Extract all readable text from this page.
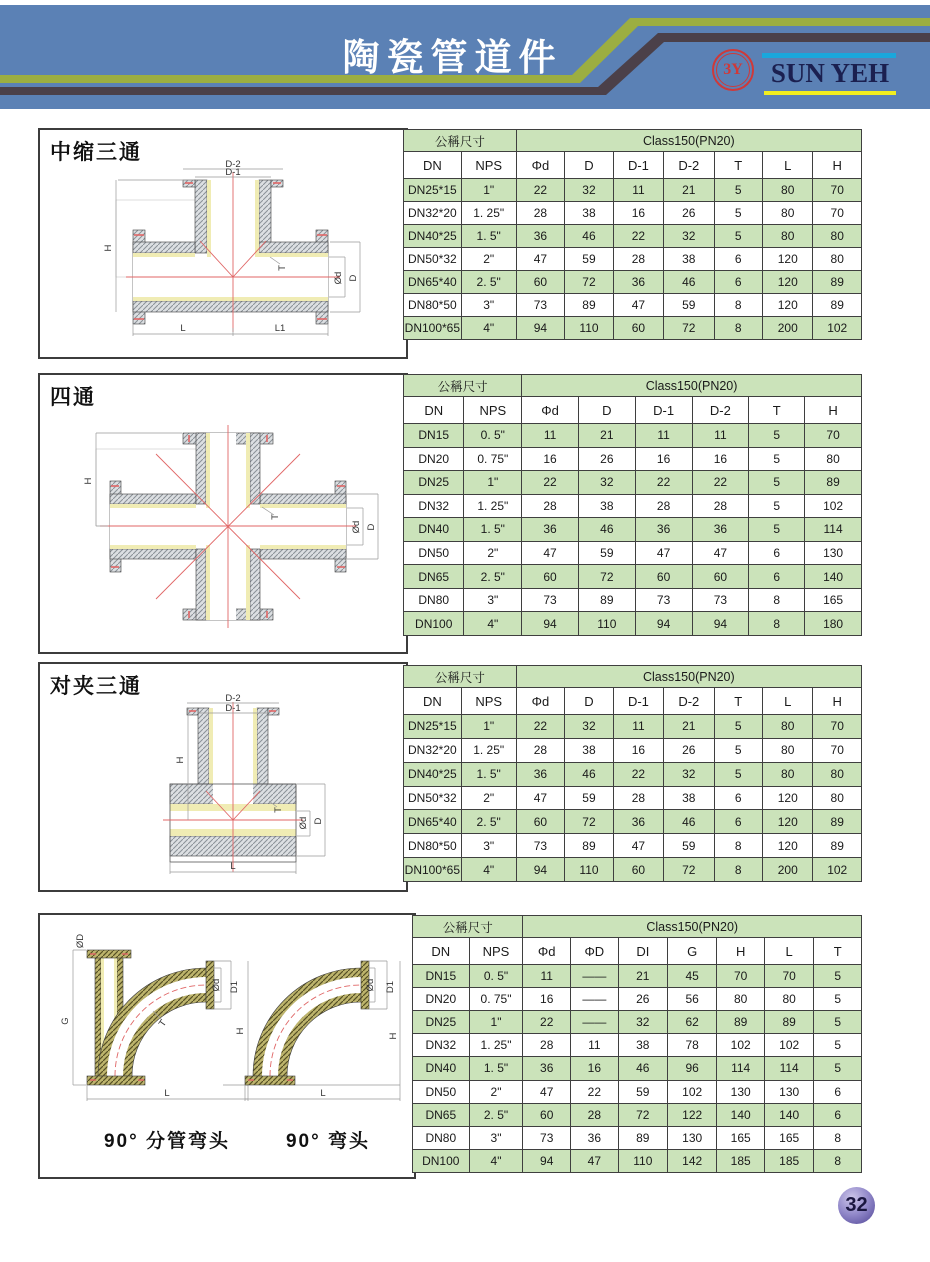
陶瓷管道件	3Y	SUN YEH
中缩三通
D-2
D-1
H
T
Ød D
L	L1
公稱尺寸		Class150(PN20)						
DN	NPS	Φd	D	D-1	D-2	T	L	H
DN25*15	1"	22	32	11	21	5	80	70
DN32*20	1. 25"	28	38	16	26	5	80	70
DN40*25	1. 5"	36	46	22	32	5	80	80
DN50*32	2"	47	59	28	38	6	120	80
DN65*40	2. 5"	60	72	36	46	6	120	89
DN80*50	3"	73	89	47	59	8	120	89
DN100*65	4"	94	110	60	72	8	200	102
四通
H
T
Ød D
公稱尺寸		Class150(PN20)					
DN	NPS	Φd	D	D-1	D-2	T	H
DN15	0. 5"	11	21	11	11	5	70
DN20	0. 75"	16	26	16	16	5	80
DN25	1"	22	32	22	22	5	89
DN32	1. 25"	28	38	28	28	5	102
DN40	1. 5"	36	46	36	36	5	114
DN50	2"	47	59	47	47	6	130
DN65	2. 5"	60	72	60	60	6	140
DN80	3"	73	89	73	73	8	165
DN100	4"	94	110	94	94	8	180
对夹三通
D-2
D-1
H
T
Ød D
L
公稱尺寸		Class150(PN20)						
DN	NPS	Φd	D	D-1	D-2	T	L	H
DN25*15	1"	22	32	11	21	5	80	70
DN32*20	1. 25"	28	38	16	26	5	80	70
DN40*25	1. 5"	36	46	22	32	5	80	80
DN50*32	2"	47	59	28	38	6	120	80
DN65*40	2. 5"	60	72	36	46	6	120	89
DN80*50	3"	73	89	47	59	8	120	89
DN100*65	4"	94	110	60	72	8	200	102
ØD
G	T
Ød D1
H
L
Ød D1
H
L
90° 分管弯头	90° 弯头
公稱尺寸		Class150(PN20)						
DN	NPS	Φd	ΦD	DI	G	H	L	T
DN15	0. 5"	11	——	21	45	70	70	5
DN20	0. 75"	16	——	26	56	80	80	5
DN25	1"	22	——	32	62	89	89	5
DN32	1. 25"	28	11	38	78	102	102	5
DN40	1. 5"	36	16	46	96	114	114	5
DN50	2"	47	22	59	102	130	130	6
DN65	2. 5"	60	28	72	122	140	140	6
DN80	3"	73	36	89	130	165	165	8
DN100	4"	94	47	110	142	185	185	8
32
